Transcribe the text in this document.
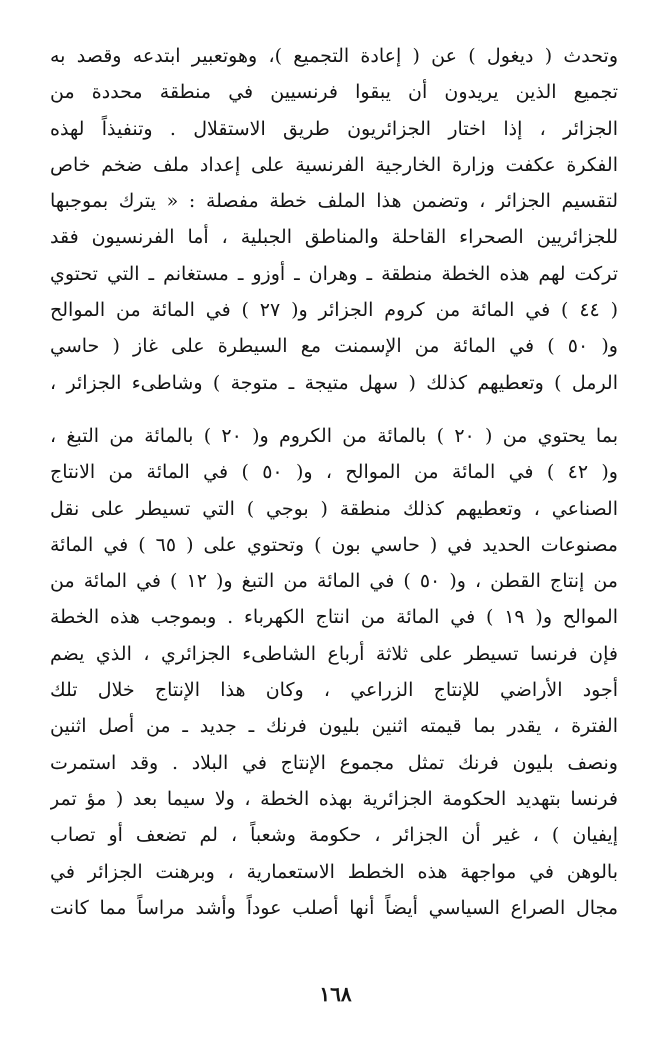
وتحدث ( ديغول ) عن ( إعادة التجميع )، وهوتعبير ابتدعه وقصد به
تجميع الذين يريدون أن يبقوا فرنسيين في منطقة محددة من
الجزائر ، إذا اختار الجزائريون طريق الاستقلال . وتنفيذاً لهذه
الفكرة عكفت وزارة الخارجية الفرنسية على إعداد ملف ضخم خاص
لتقسيم الجزائر ، وتضمن هذا الملف خطة مفصلة : « يترك بموجبها
للجزائريين الصحراء القاحلة والمناطق الجبلية ، أما الفرنسيون فقد
تركت لهم هذه الخطة منطقة ـ وهران ـ أوزو ـ مستغانم ـ التي تحتوي
( ٤٤ ) في المائة من كروم الجزائر و( ٢٧ ) في المائة من الموالح
و( ٥٠ ) في المائة من الإسمنت مع السيطرة على غاز ( حاسي
الرمل ) وتعطيهم كذلك ( سهل متيجة ـ متوجة ) وشاطىء الجزائر ،
بما يحتوي من ( ٢٠ ) بالمائة من الكروم و( ٢٠ ) بالمائة من التبغ ،
و( ٤٢ ) في المائة من الموالح ، و( ٥٠ ) في المائة من الانتاج
الصناعي ، وتعطيهم كذلك منطقة ( بوجي ) التي تسيطر على نقل
مصنوعات الحديد في ( حاسي بون ) وتحتوي على ( ٦٥ ) في المائة
من إنتاج القطن ، و( ٥٠ ) في المائة من التبغ و( ١٢ ) في المائة من
الموالح و( ١٩ ) في المائة من انتاج الكهرباء . وبموجب هذه الخطة
فإن فرنسا تسيطر على ثلاثة أرباع الشاطىء الجزائري ، الذي يضم
أجود الأراضي للإنتاج الزراعي ، وكان هذا الإنتاج خلال تلك
الفترة ، يقدر بما قيمته اثنين بليون فرنك ـ جديد ـ من أصل اثنين
ونصف بليون فرنك تمثل مجموع الإنتاج في البلاد . وقد استمرت
فرنسا بتهديد الحكومة الجزائرية بهذه الخطة ، ولا سيما بعد ( مؤ تمر
إيفيان ) ، غير أن الجزائر ، حكومة وشعباً ، لم تضعف أو تصاب
بالوهن في مواجهة هذه الخطط الاستعمارية ، وبرهنت الجزائر في
مجال الصراع السياسي أيضاً أنها أصلب عوداً وأشد مراساً مما كانت
١٦٨
